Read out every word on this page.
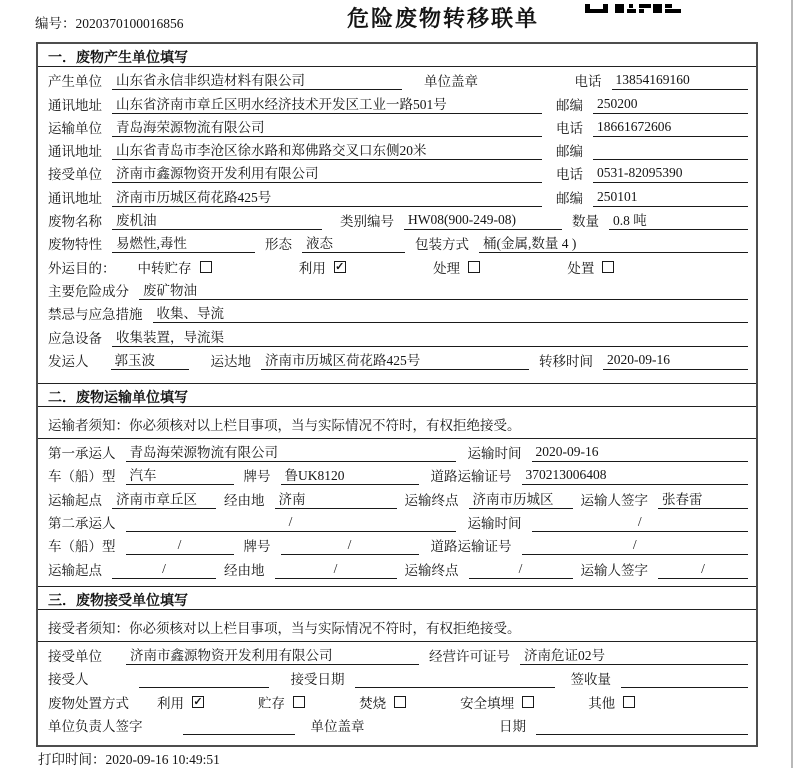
编号：2020370100016856	危险废物转移联单
一．废物产生单位填写
产生单位 山东省永信非织造材料有限公司	单位盖章	电话 13854169160
通讯地址 山东省济南市章丘区明水经济技术开发区工业一路501号	邮编 250200
运输单位 青岛海荣源物流有限公司	电话 18661672606
通讯地址 山东省青岛市李沧区徐水路和郑佛路交叉口东侧20米	邮编
接受单位 济南市鑫源物资开发利用有限公司	电话 0531-82095390
通讯地址 济南市历城区荷花路425号	邮编 250101
废物名称 废机油	类别编号 HW08(900-249-08)	数量 0.8 吨
废物特性 易燃性,毒性	形态 液态	包装方式 桶(金属,数量 4 )
外运目的： 中转贮存	利用 ✓	处理	处置
主要危险成分 废矿物油
禁忌与应急措施 收集、导流
应急设备 收集装置，导流渠
发运人 郭玉波	运达地 济南市历城区荷花路425号	转移时间 2020-09-16
二．废物运输单位填写
运输者须知：你必须核对以上栏目事项，当与实际情况不符时，有权拒绝接受。
第一承运人 青岛海荣源物流有限公司	运输时间 2020-09-16
车（船）型 汽车	牌号 鲁UK8120	道路运输证号 370213006408
运输起点 济南市章丘区	经由地 济南	运输终点 济南市历城区	运输人签字 张春雷
第二承运人	/	运输时间	/
车（船）型	/	牌号	/	道路运输证号	/
运输起点	/	经由地	/	运输终点	/	运输人签字	/
三．废物接受单位填写
接受者须知：你必须核对以上栏目事项，当与实际情况不符时，有权拒绝接受。
接受单位 济南市鑫源物资开发利用有限公司	经营许可证号 济南危证02号
接受人	接受日期	签收量
废物处置方式 利用 ✓	贮存	焚烧	安全填埋	其他
单位负责人签字	单位盖章	日期
打印时间：2020-09-16 10:49:51
